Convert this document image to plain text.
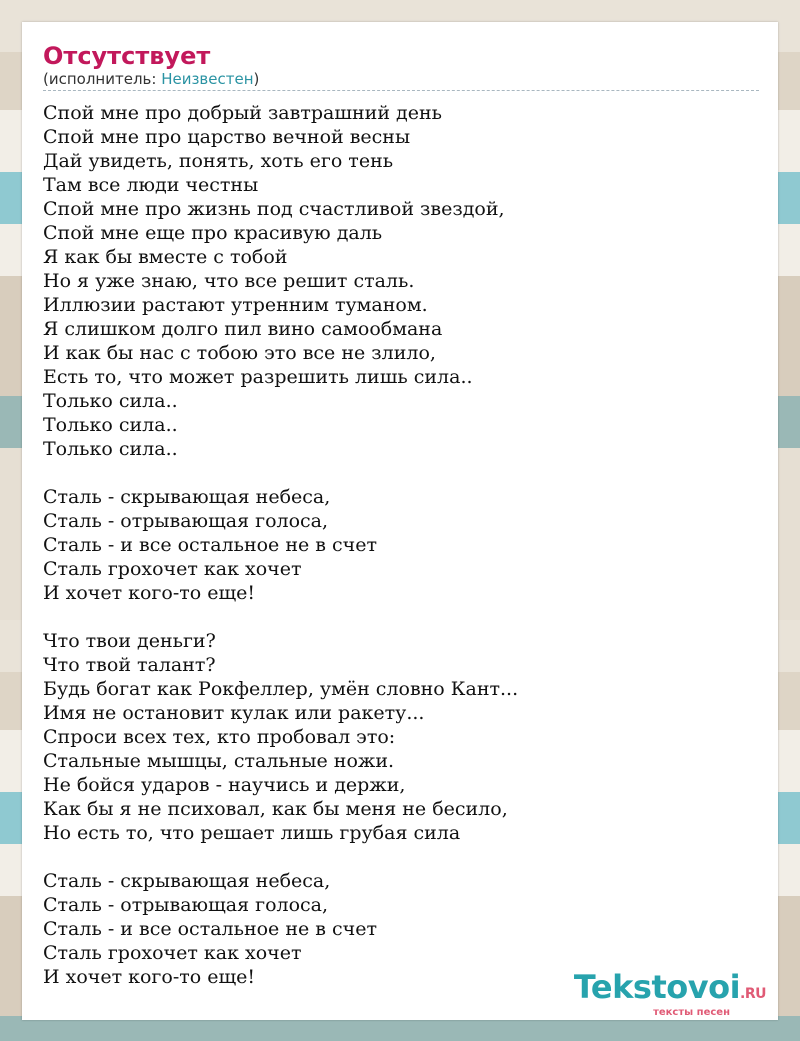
Отсутствует
(исполнитель: Неизвестен)
Спой мне про добрый завтрашний день
Спой мне про царство вечной весны
Дай увидеть, понять, хоть его тень
Там все люди честны
Спой мне про жизнь под счастливой звездой,
Спой мне еще про красивую даль
Я как бы вместе с тобой
Но я уже знаю, что все решит сталь.
Иллюзии растают утренним туманом.
Я слишком долго пил вино самообмана
И как бы нас с тобою это все не злило,
Есть то, что может разрешить лишь сила..
Только сила..
Только сила..
Только сила..
Сталь - скрывающая небеса,
Сталь - отрывающая голоса,
Сталь - и все остальное не в счет
Сталь грохочет как хочет
И хочет кого-то еще!
Что твои деньги?
Что твой талант?
Будь богат как Рокфеллер, умён словно Кант...
Имя не остановит кулак или ракету...
Спроси всех тех, кто пробовал это:
Стальные мышцы, стальные ножи.
Не бойся ударов - научись и держи,
Как бы я не психовал, как бы меня не бесило,
Но есть то, что решает лишь грубая сила
Сталь - скрывающая небеса,
Сталь - отрывающая голоса,
Сталь - и все остальное не в счет
Сталь грохочет как хочет
И хочет кого-то еще!	Tekstovoi.RU
тексты песен
